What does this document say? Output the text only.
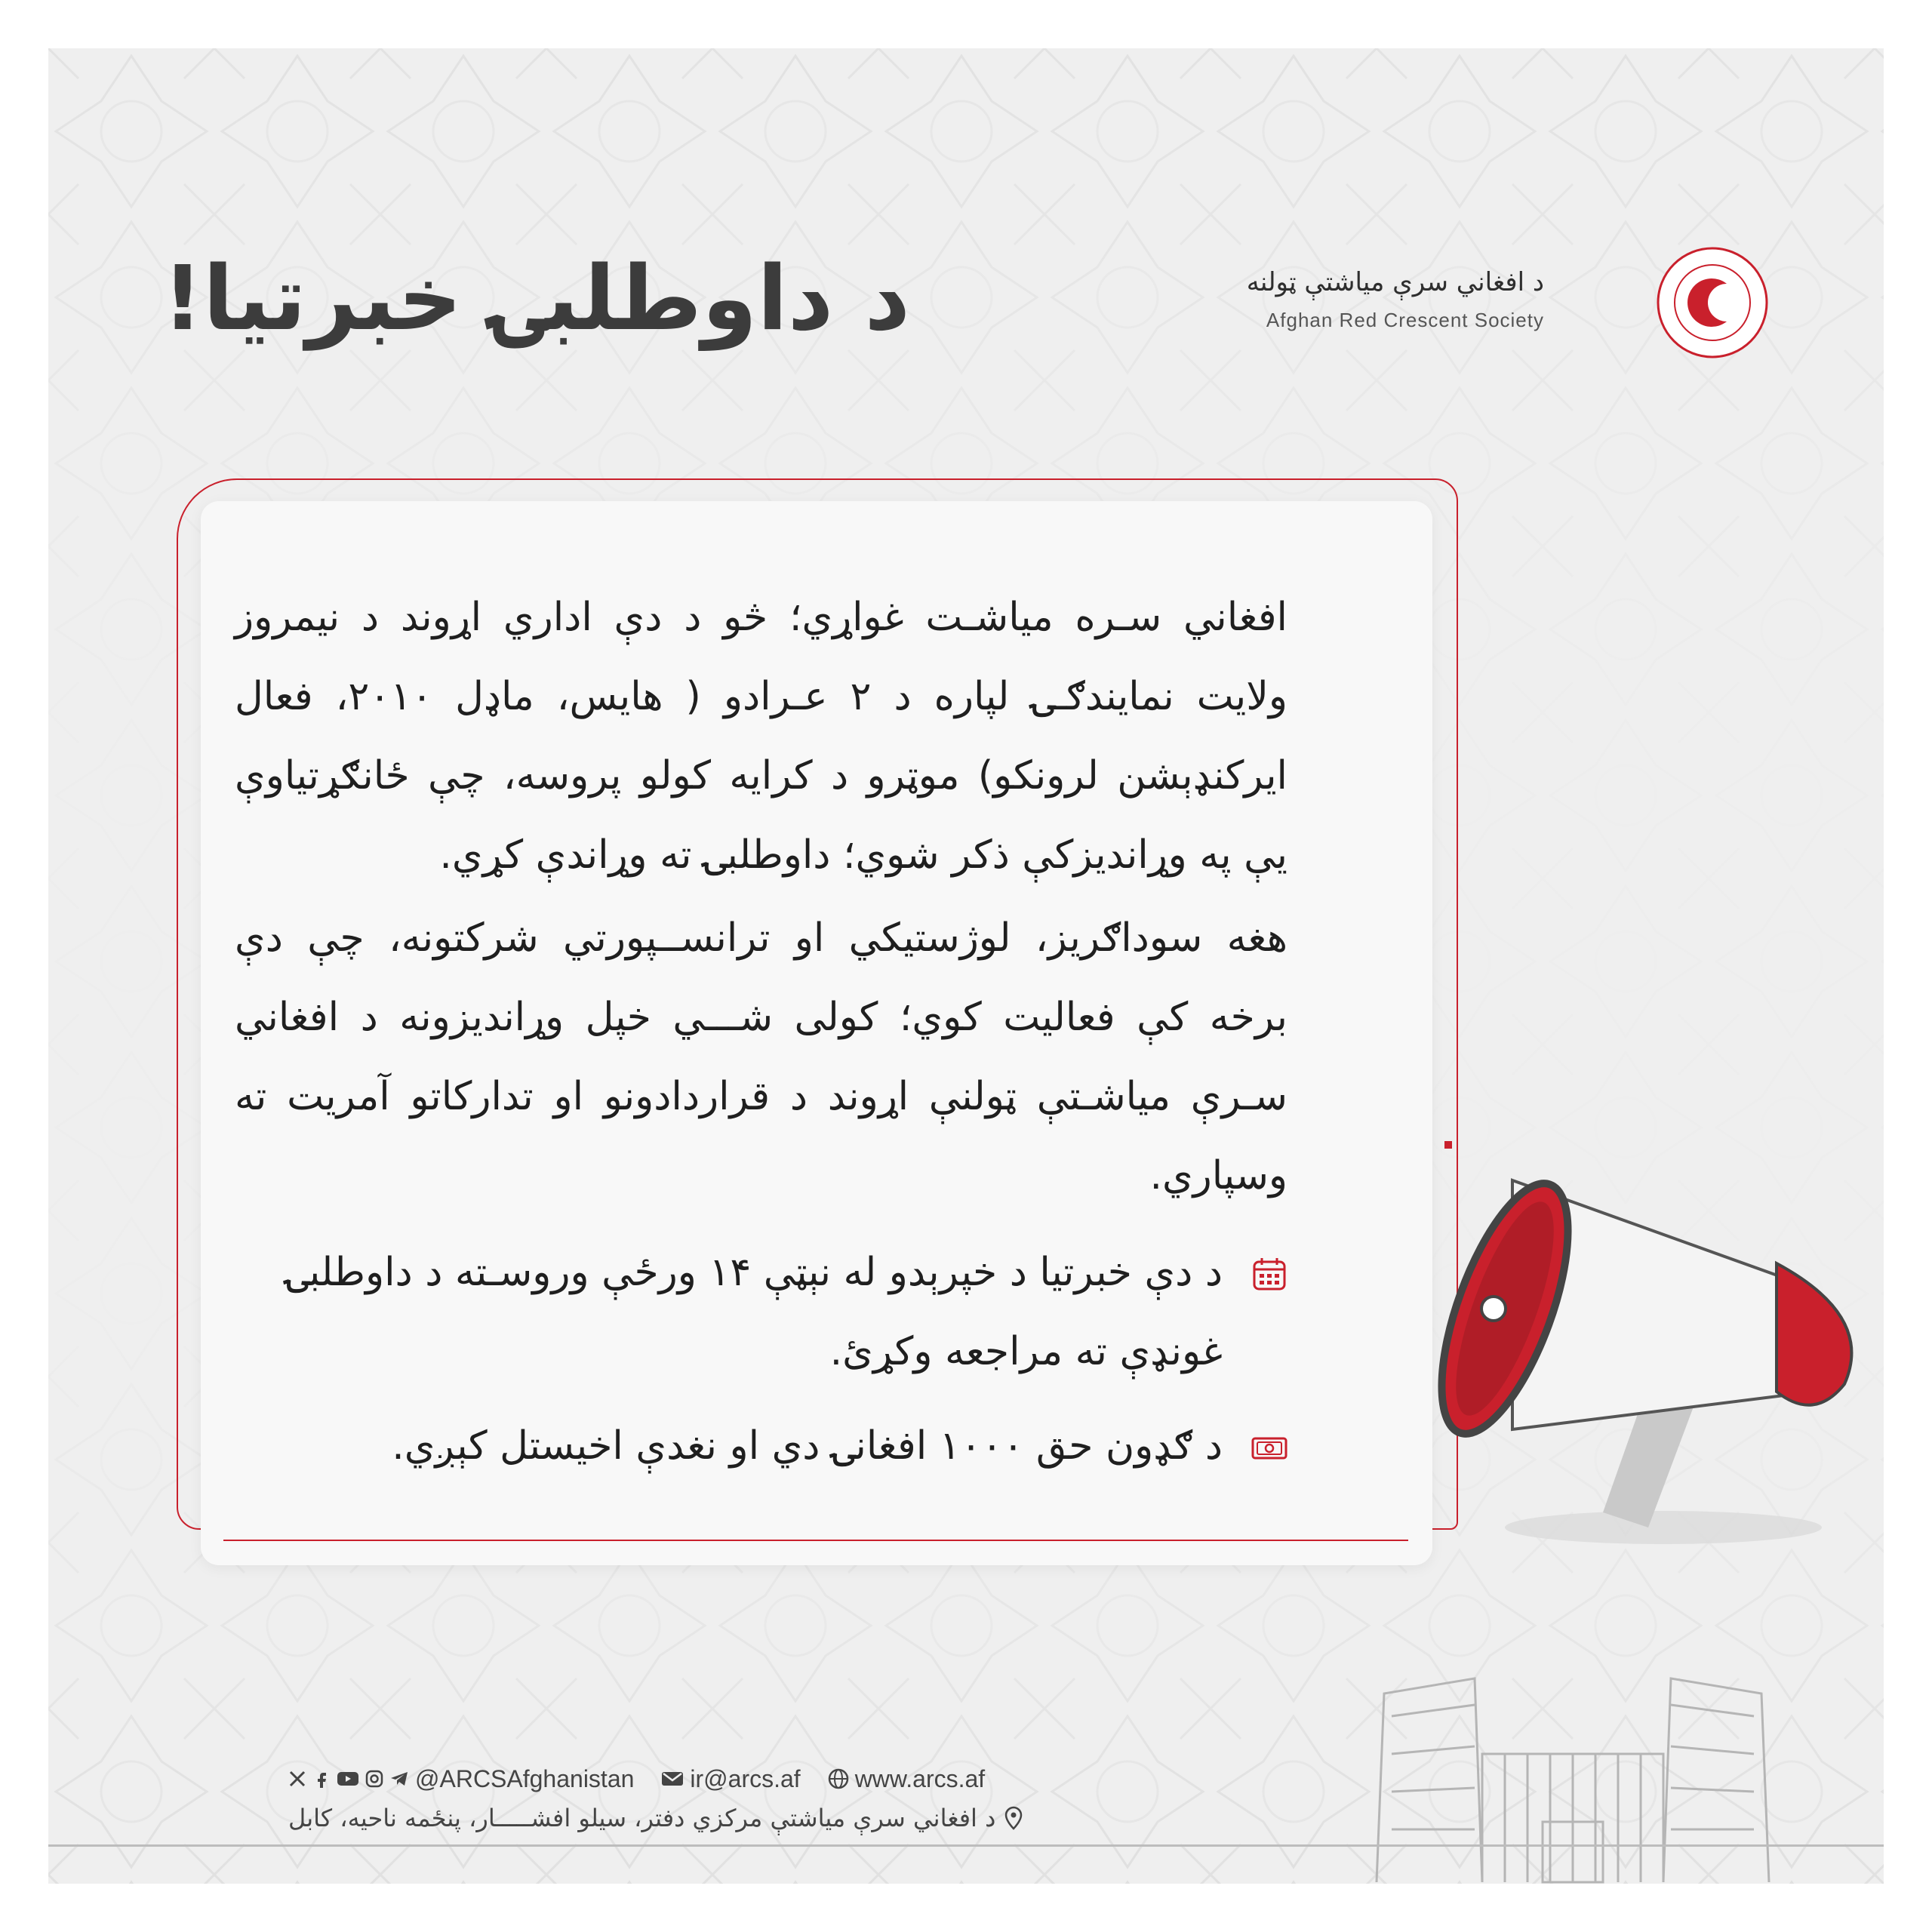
د داوطلبۍ خبرتیا!	د افغاني سرې میاشتې ټولنه
Afghan Red Crescent Society
افغاني سـره میاشـت غواړي؛ څو د دې اداري اړوند د نیمروز ولایت نمایندګـۍ لپاره د ۲ عـرادو ( هایس، ماډل ۲۰۱۰، فعال ایرکنډېشن لرونکو) موټرو د کرایه کولو پروسه، چې ځانګړتیاوې یې په وړاندیزکې ذکر شوي؛ داوطلبۍ ته وړاندې کړي.
هغه سوداګریز، لوژستیکي او ترانســپورتي شرکتونه، چې دې برخه کې فعالیت کوي؛ کولی شـــي خپل وړاندیزونه د افغاني سـرې میاشـتې ټولنې اړوند د قراردادونو او تدارکاتو آمریت ته وسپاري.
د دې خبرتیا د خپرېدو له نېټې ۱۴ ورځې وروسـته د داوطلبۍ غونډې ته مراجعه وکړئ.
د ګډون حق ۱۰۰۰ افغانۍ دي او نغدې اخیستل کېږي.
@ARCSAfghanistan ir@arcs.af www.arcs.af
د افغاني سرې میاشتې مرکزي دفتر، سیلو افشـــــار، پنځمه ناحیه، کابل
